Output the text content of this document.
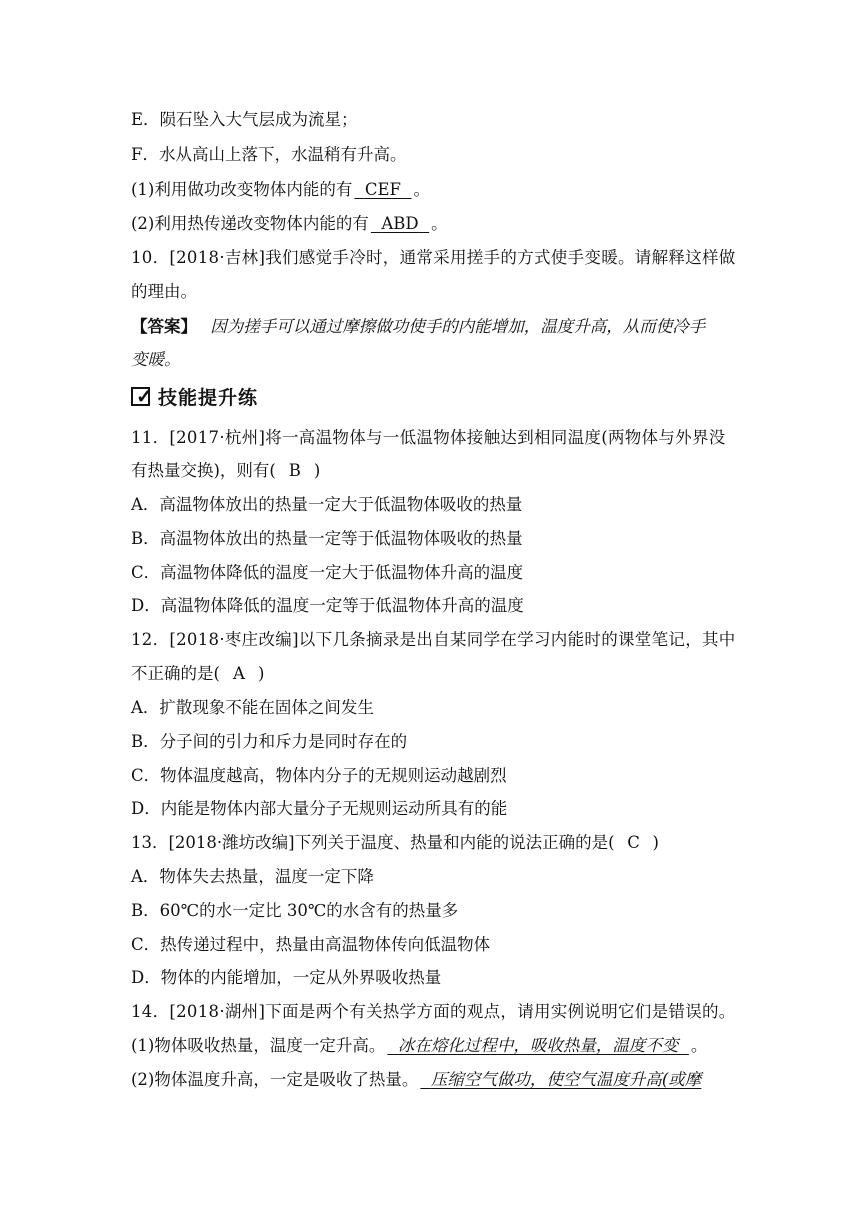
E．陨石坠入大气层成为流星；
F．水从高山上落下，水温稍有升高。
(1)利用做功改变物体内能的有 CEF 。
(2)利用热传递改变物体内能的有 ABD 。
10．[2018·吉林]我们感觉手冷时，通常采用搓手的方式使手变暖。请解释这样做
的理由。
【答案】 因为搓手可以通过摩擦做功使手的内能增加，温度升高，从而使冷手
变暖。
✓ 技能提升练
11．[2017·杭州]将一高温物体与一低温物体接触达到相同温度(两物体与外界没
有热量交换)，则有( B )
A．高温物体放出的热量一定大于低温物体吸收的热量
B．高温物体放出的热量一定等于低温物体吸收的热量
C．高温物体降低的温度一定大于低温物体升高的温度
D．高温物体降低的温度一定等于低温物体升高的温度
12．[2018·枣庄改编]以下几条摘录是出自某同学在学习内能时的课堂笔记，其中
不正确的是( A )
A．扩散现象不能在固体之间发生
B．分子间的引力和斥力是同时存在的
C．物体温度越高，物体内分子的无规则运动越剧烈
D．内能是物体内部大量分子无规则运动所具有的能
13．[2018·潍坊改编]下列关于温度、热量和内能的说法正确的是( C )
A．物体失去热量，温度一定下降
B．60℃的水一定比 30℃的水含有的热量多
C．热传递过程中，热量由高温物体传向低温物体
D．物体的内能增加，一定从外界吸收热量
14．[2018·湖州]下面是两个有关热学方面的观点，请用实例说明它们是错误的。
(1)物体吸收热量，温度一定升高。 冰在熔化过程中，吸收热量，温度不变 。
(2)物体温度升高，一定是吸收了热量。 压缩空气做功，使空气温度升高(或摩
